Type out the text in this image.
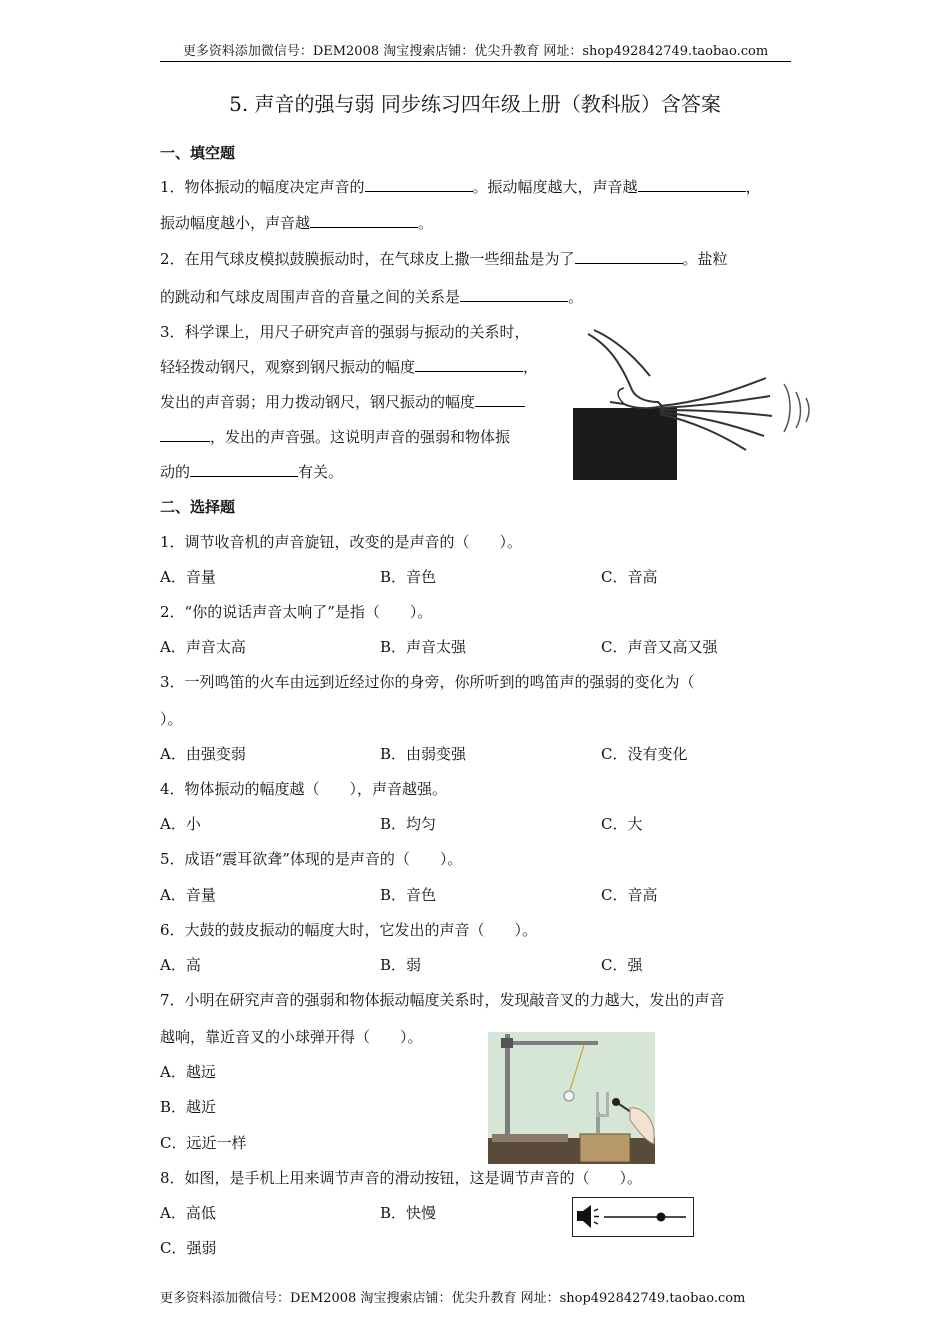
更多资料添加微信号：DEM2008 淘宝搜索店铺：优尖升教育 网址：shop492842749.taobao.com
5. 声音的强与弱 同步练习四年级上册（教科版）含答案
一、填空题
1．物体振动的幅度决定声音的	。振动幅度越大，声音越	，
振动幅度越小，声音越	。
2．在用气球皮模拟鼓膜振动时，在气球皮上撒一些细盐是为了	。盐粒
的跳动和气球皮周围声音的音量之间的关系是	。
3．科学课上，用尺子研究声音的强弱与振动的关系时，
轻轻拨动钢尺，观察到钢尺振动的幅度	，
发出的声音弱；用力拨动钢尺，钢尺振动的幅度
，发出的声音强。这说明声音的强弱和物体振
动的	有关。
二、选择题
1．调节收音机的声音旋钮，改变的是声音的（　　）。
A．音量	B．音色	C．音高
2．“你的说话声音太响了”是指（　　）。
A．声音太高	B．声音太强	C．声音又高又强
3．一列鸣笛的火车由远到近经过你的身旁，你所听到的鸣笛声的强弱的变化为（
）。
A．由强变弱	B．由弱变强	C．没有变化
4．物体振动的幅度越（　　），声音越强。
A．小	B．均匀	C．大
5．成语“震耳欲聋”体现的是声音的（　　）。
A．音量	B．音色	C．音高
6．大鼓的鼓皮振动的幅度大时，它发出的声音（　　）。
A．高	B．弱	C．强
7．小明在研究声音的强弱和物体振动幅度关系时，发现敲音叉的力越大，发出的声音
越响，靠近音叉的小球弹开得（　　）。
A．越远
B．越近
C．远近一样
8．如图，是手机上用来调节声音的滑动按钮，这是调节声音的（　　）。
A．高低	B．快慢
C．强弱
更多资料添加微信号：DEM2008 淘宝搜索店铺：优尖升教育 网址：shop492842749.taobao.com
